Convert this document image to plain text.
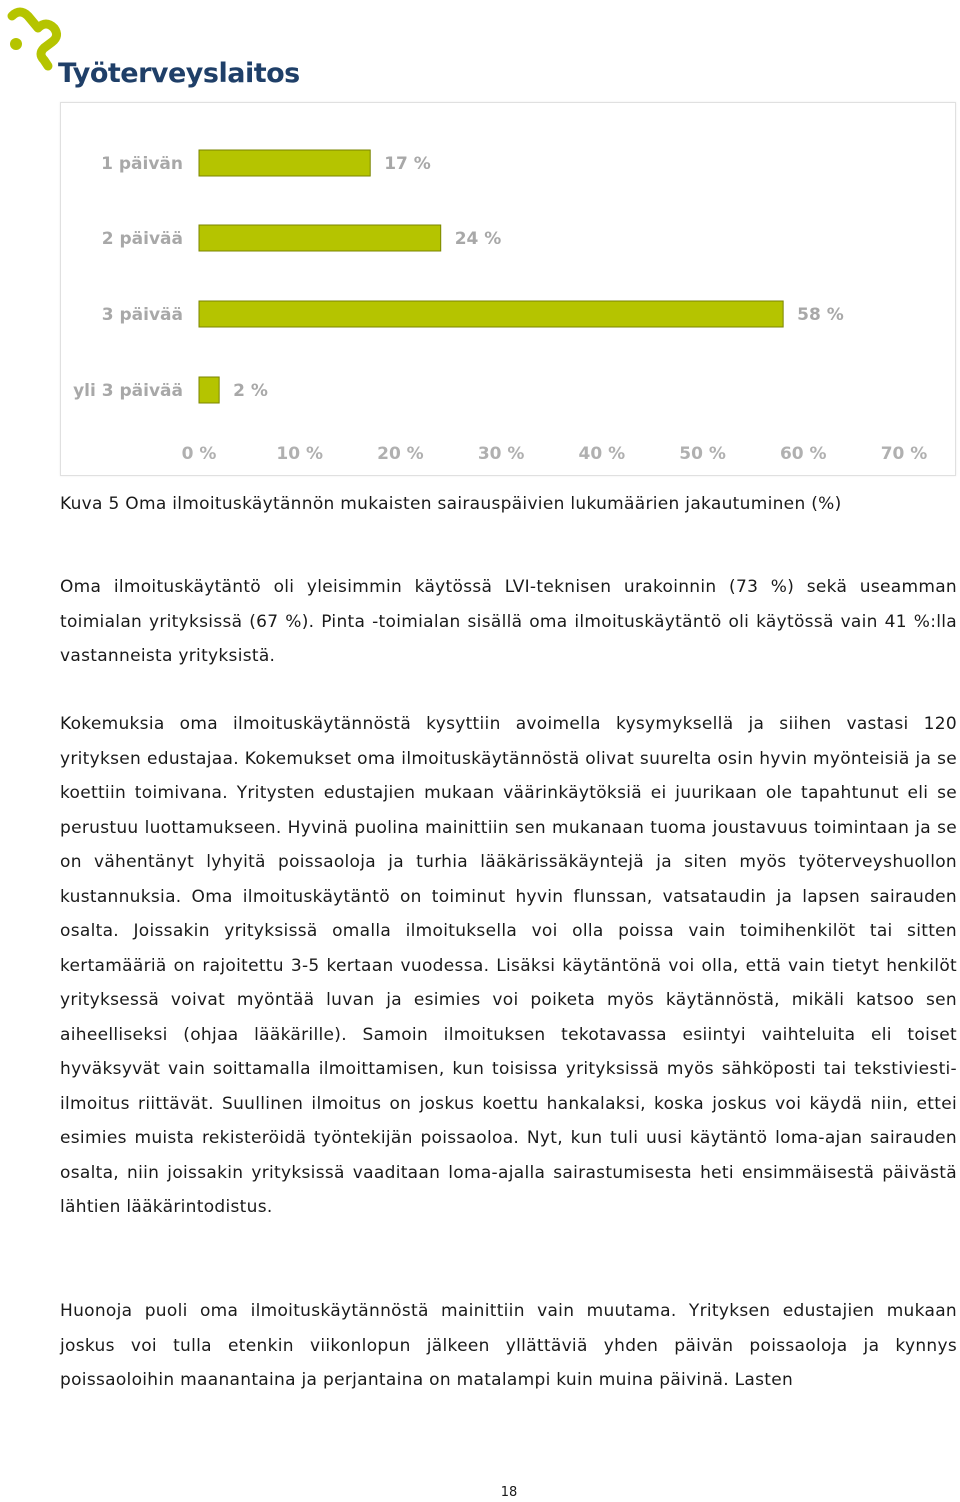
Työterveyslaitos
1 päivän
2 päivää
3 päivää
yli 3 päivää
17 %
24 %
58 %
2 %
0 %	10 %	20 %	30 %	40 %	50 %	60 %	70 %
Kuva 5 Oma ilmoituskäytännön mukaisten sairauspäivien lukumäärien jakautuminen (%)

Oma ilmoituskäytäntö oli yleisimmin käytössä LVI-teknisen urakoinnin (73 %) sekä useamman toimialan yrityksissä (67 %). Pinta -toimialan sisällä oma ilmoituskäytäntö oli käytössä vain 41 %:lla vastanneista yrityksistä.

Kokemuksia oma ilmoituskäytännöstä kysyttiin avoimella kysymyksellä ja siihen vastasi 120 yrityksen edustajaa. Kokemukset oma ilmoituskäytännöstä olivat suurelta osin hyvin myönteisiä ja se koettiin toimivana. Yritysten edustajien mukaan väärinkäytöksiä ei juurikaan ole tapahtunut eli se perustuu luottamukseen. Hyvinä puolina mainittiin sen mukanaan tuoma joustavuus toimintaan ja se on vähentänyt lyhyitä poissaoloja ja turhia lääkärissäkäyntejä ja siten myös työterveyshuollon kustannuksia. Oma ilmoituskäytäntö on toiminut hyvin flunssan, vatsataudin ja lapsen sairauden osalta. Joissakin yrityksissä omalla ilmoituksella voi olla poissa vain toimihenkilöt tai sitten kertamääriä on rajoitettu 3-5 kertaan vuodessa. Lisäksi käytäntönä voi olla, että vain tietyt henkilöt yrityksessä voivat myöntää luvan ja esimies voi poiketa myös käytännöstä, mikäli katsoo sen aiheelliseksi (ohjaa lääkärille). Samoin ilmoituksen tekotavassa esiintyi vaihteluita eli toiset hyväksyvät vain soittamalla ilmoittamisen, kun toisissa yrityksissä myös sähköposti tai tekstiviesti-ilmoitus riittävät. Suullinen ilmoitus on joskus koettu hankalaksi, koska joskus voi käydä niin, ettei esimies muista rekisteröidä työntekijän poissaoloa. Nyt, kun tuli uusi käytäntö loma-ajan sairauden osalta, niin joissakin yrityksissä vaaditaan loma-ajalla sairastumisesta heti ensimmäisestä päivästä lähtien lääkärintodistus.

Huonoja puoli oma ilmoituskäytännöstä mainittiin vain muutama. Yrityksen edustajien mukaan joskus voi tulla etenkin viikonlopun jälkeen yllättäviä yhden päivän poissaoloja ja kynnys poissaoloihin maanantaina ja perjantaina on matalampi kuin muina päivinä. Lasten

18
